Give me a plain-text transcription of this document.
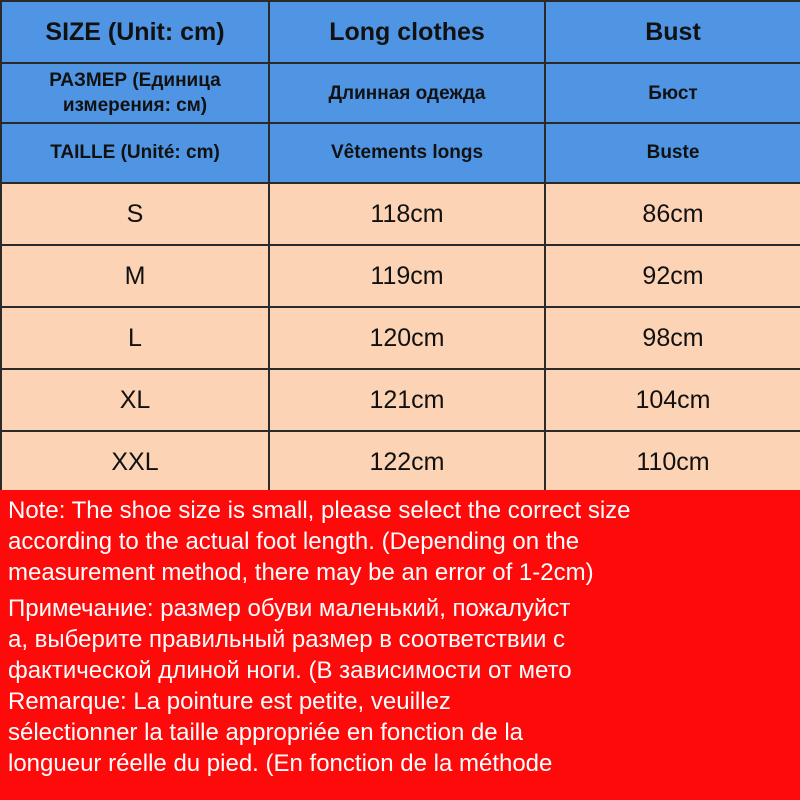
SIZE (Unit: cm)	Long clothes	Bust
РАЗМЕР (Единица
измерения: см)	Длинная одежда	Бюст
TAILLE (Unité: cm)	Vêtements longs	Buste
S	118cm	86cm
M	119cm	92cm
L	120cm	98cm
XL	121cm	104cm
XXL	122cm	110cm

Note: The shoe size is small, please select the correct size
according to the actual foot length. (Depending on the
measurement method, there may be an error of 1-2cm)

Примечание: размер обуви маленький, пожалуйст
а, выберите правильный размер в соответствии с
фактической длиной ноги. (В зависимости от мето

Remarque: La pointure est petite, veuillez
sélectionner la taille appropriée en fonction de la
longueur réelle du pied. (En fonction de la méthode
